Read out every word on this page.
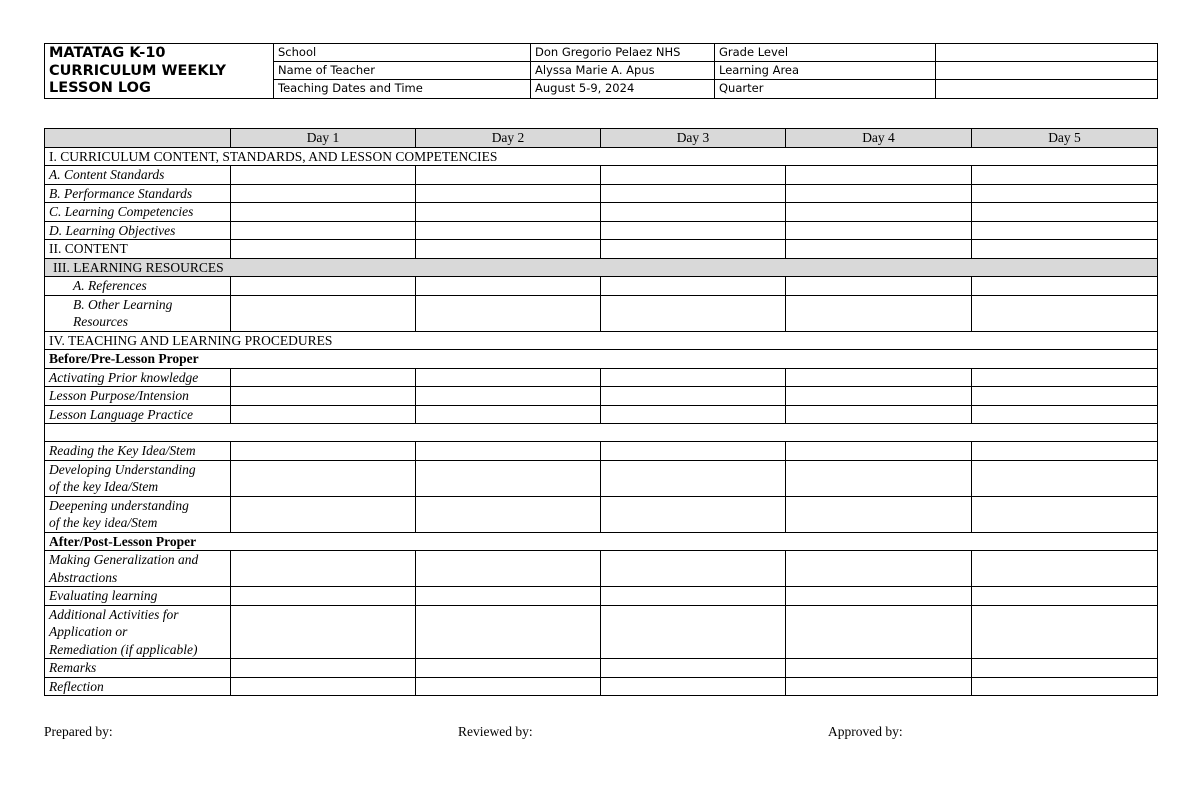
MATATAG K-10
CURRICULUM WEEKLY
LESSON LOG	School	Don Gregorio Pelaez NHS	Grade Level	
	Name of Teacher	Alyssa Marie A. Apus	Learning Area	
	Teaching Dates and Time	August 5-9, 2024	Quarter	
	Day 1	Day 2	Day 3	Day 4	Day 5
I. CURRICULUM CONTENT, STANDARDS, AND LESSON COMPETENCIES					
A. Content Standards					
B. Performance Standards					
C. Learning Competencies					
D. Learning Objectives					
II. CONTENT					
III. LEARNING RESOURCES					
A. References					
B. Other Learning
Resources					
IV. TEACHING AND LEARNING PROCEDURES					
Before/Pre-Lesson Proper					
Activating Prior knowledge					
Lesson Purpose/Intension					
Lesson Language Practice					

Reading the Key Idea/Stem					
Developing Understanding
of the key Idea/Stem					
Deepening understanding
of the key idea/Stem					
After/Post-Lesson Proper					
Making Generalization and
Abstractions					
Evaluating learning					
Additional Activities for
Application or
Remediation (if applicable)					
Remarks					
Reflection					
Prepared by:	Reviewed by:	Approved by:
